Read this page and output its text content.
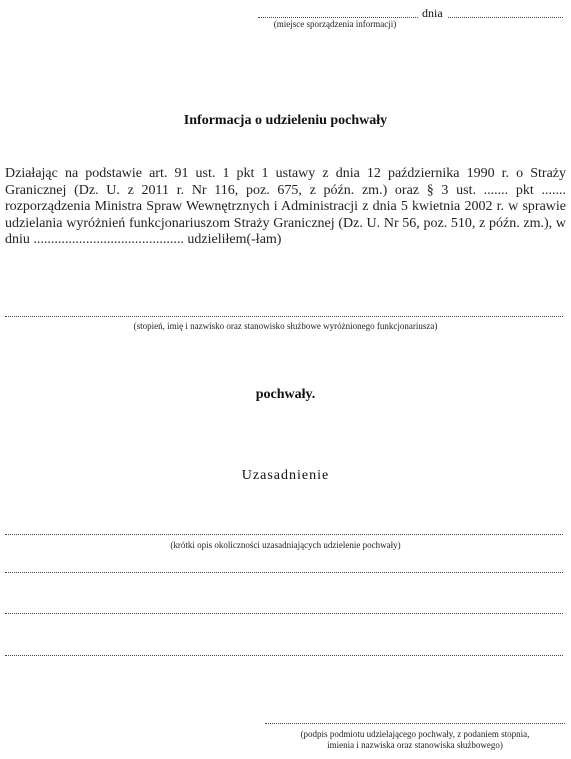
dnia
(miejsce sporządzenia informacji)
Informacja o udzieleniu pochwały
Działając na podstawie art. 91 ust. 1 pkt 1 ustawy z dnia 12 października 1990 r. o Straży Granicznej (Dz. U. z 2011 r. Nr 116, poz. 675, z późn. zm.) oraz § 3 ust. ....... pkt ....... rozporządzenia Ministra Spraw Wewnętrznych i Administracji z dnia 5 kwietnia 2002 r. w sprawie udzielania wyróżnień funkcjonariuszom Straży Granicznej (Dz. U. Nr 56, poz. 510, z późn. zm.), w dniu ........................................... udzieliłem(-łam)
(stopień, imię i nazwisko oraz stanowisko służbowe wyróżnionego funkcjonariusza)
pochwały.
Uzasadnienie
(krótki opis okoliczności uzasadniających udzielenie pochwały)
(podpis podmiotu udzielającego pochwały, z podaniem stopnia,
imienia i nazwiska oraz stanowiska służbowego)
